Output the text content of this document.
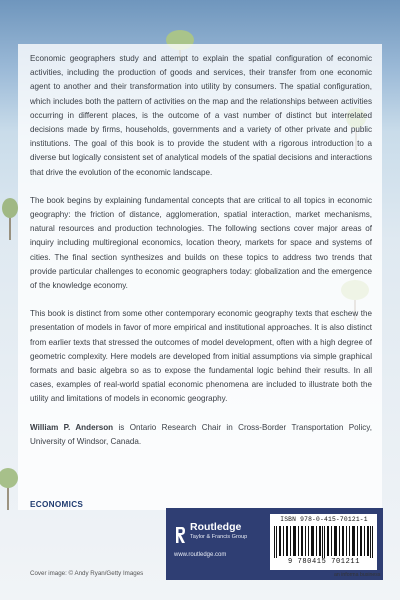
Economic geographers study and attempt to explain the spatial configuration of economic activities, including the production of goods and services, their transfer from one economic agent to another and their transformation into utility by consumers. The spatial configuration, which includes both the pattern of activities on the map and the relationships between activities occurring in different places, is the outcome of a vast number of distinct but interrelated decisions made by firms, households, governments and a variety of other private and public institutions. The goal of this book is to provide the student with a rigorous introduction to a diverse but logically consistent set of analytical models of the spatial decisions and interactions that drive the evolution of the economic landscape.

The book begins by explaining fundamental concepts that are critical to all topics in economic geography: the friction of distance, agglomeration, spatial interaction, market mechanisms, natural resources and production technologies. The following sections cover major areas of inquiry including multiregional economics, location theory, markets for space and systems of cities. The final section synthesizes and builds on these topics to address two trends that provide particular challenges to economic geographers today: globalization and the emergence of the knowledge economy.

This book is distinct from some other contemporary economic geography texts that eschew the presentation of models in favor of more empirical and institutional approaches. It is also distinct from earlier texts that stressed the outcomes of model development, often with a high degree of geometric complexity. Here models are developed from initial assumptions via simple graphical formats and basic algebra so as to expose the fundamental logic behind their results. In all cases, examples of real-world spatial economic phenomena are included to illustrate both the utility and limitations of models in economic geography.

William P. Anderson is Ontario Research Chair in Cross-Border Transportation Policy, University of Windsor, Canada.

ECONOMICS
Cover image: © Andy Ryan/Getty Images
Routledge
Taylor & Francis Group
www.routledge.com
ISBN 978-0-415-70121-1
9 780415 701211
an informa business
